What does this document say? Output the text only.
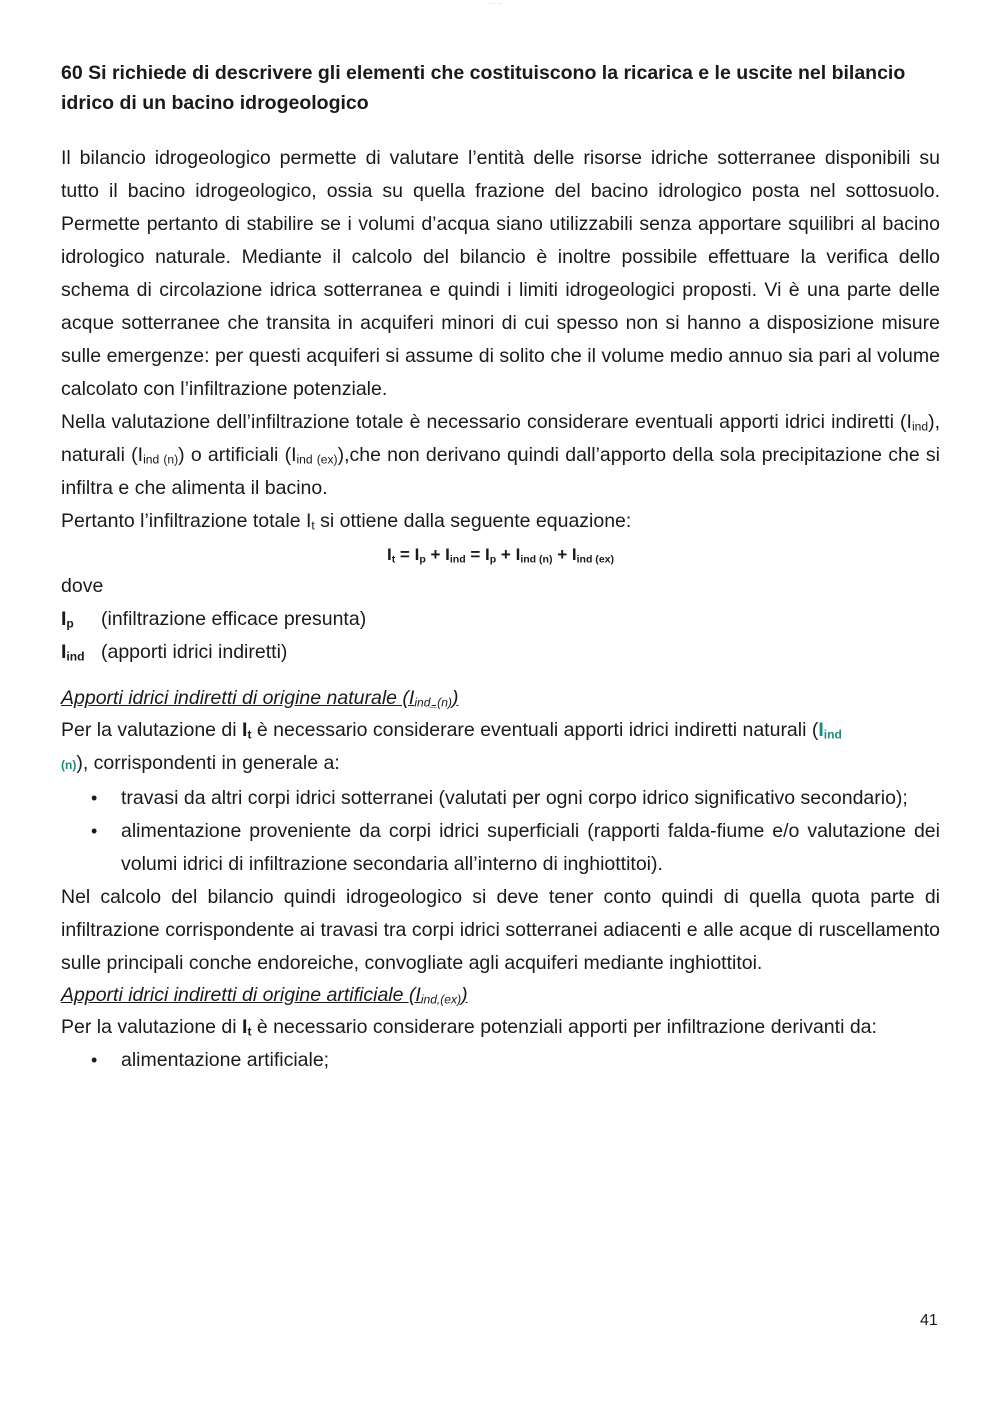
60 Si richiede di descrivere gli elementi che costituiscono la ricarica e le uscite nel bilancio idrico di un bacino idrogeologico

Il bilancio idrogeologico permette di valutare l’entità delle risorse idriche sotterranee disponibili su tutto il bacino idrogeologico, ossia su quella frazione del bacino idrologico posta nel sottosuolo. Permette pertanto di stabilire se i volumi d’acqua siano utilizzabili senza apportare squilibri al bacino idrologico naturale. Mediante il calcolo del bilancio è inoltre possibile effettuare la verifica dello schema di circolazione idrica sotterranea e quindi i limiti idrogeologici proposti. Vi è una parte delle acque sotterranee che transita in acquiferi minori di cui spesso non si hanno a disposizione misure sulle emergenze: per questi acquiferi si assume di solito che il volume medio annuo sia pari al volume calcolato con l’infiltrazione potenziale.

Nella valutazione dell’infiltrazione totale è necessario considerare eventuali apporti idrici indiretti $(I_{ind})$, naturali $(I_{ind (n)})$ o artificiali $(I_{ind (ex)}),che$ non derivano quindi dall’apporto della sola precipitazione che si infiltra e che alimenta il bacino.

Pertanto l’infiltrazione totale $I_t$ si ottiene dalla seguente equazione:

$I_t = I_p + I_{ind} = I_p + I_{ind (n)} + I_{ind (ex)}$
dove
$I_p$ (infiltrazione efficace presunta)
$I_{ind}$ (apporti idrici indiretti)
Apporti idrici indiretti di origine naturale $(I_{ind\_(n)})$

Per la valutazione di $I_t$ è necessario considerare eventuali apporti idrici indiretti naturali ($I_{ind}$
(n)), corrispondenti in generale a:

• travasi da altri corpi idrici sotterranei (valutati per ogni corpo idrico significativo secondario);
• alimentazione proveniente da corpi idrici superficiali (rapporti falda-fiume e/o valutazione dei volumi idrici di infiltrazione secondaria all’interno di inghiottitoi).

Nel calcolo del bilancio quindi idrogeologico si deve tener conto quindi di quella quota parte di infiltrazione corrispondente ai travasi tra corpi idrici sotterranei adiacenti e alle acque di ruscellamento sulle principali conche endoreiche, convogliate agli acquiferi mediante inghiottitoi.

Apporti idrici indiretti di origine artificiale $(I_{ind,(ex)})$

Per la valutazione di $I_t$ è necessario considerare potenziali apporti per infiltrazione derivanti da:

• alimentazione artificiale;
— — —
41
